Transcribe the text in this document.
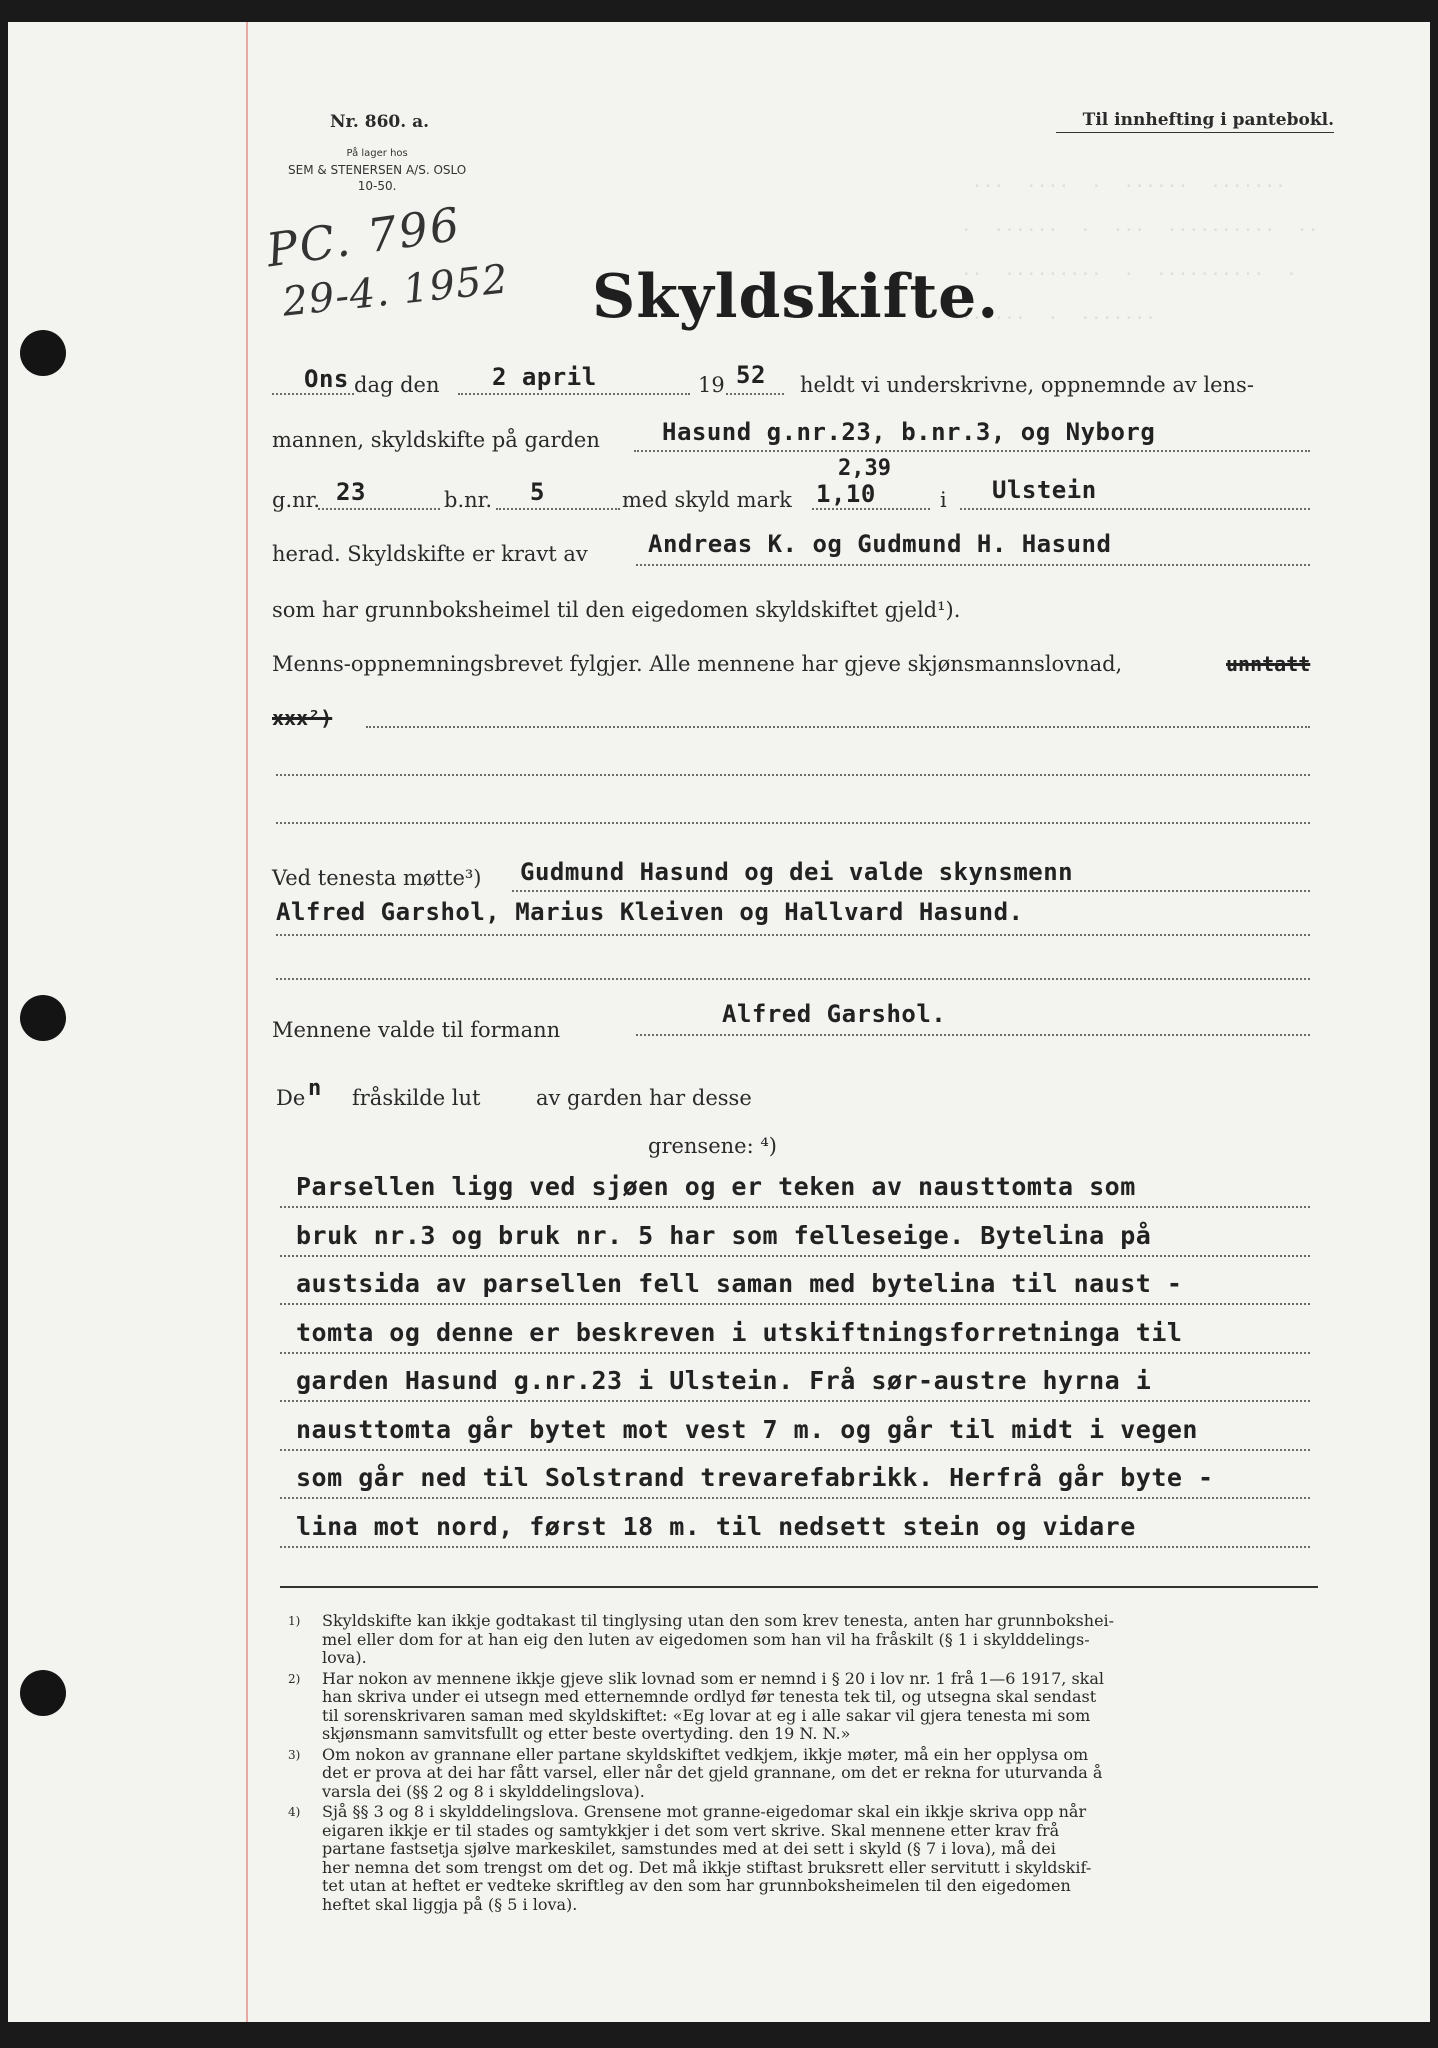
...  ....  .  ......  .......
.  ......  .  ...  ..........  ..
..  .........  .  ..........  .
......  .  .......
Nr. 860. a.
På lager hos
SEM & STENERSEN A/S. OSLO
10-50.
Til innhefting i pantebokl.
PC. 796
29-4. 1952 Skyldskifte.
Ons dag den 2 april	19 52 heldt vi underskrivne, oppnemnde av lens-
mannen, skyldskifte på garden	Hasund g.nr.23, b.nr.3, og Nyborg
2,39
g.nr. 23	b.nr. 5	med skyld mark 1,10	i Ulstein
herad. Skyldskifte er kravt av	Andreas K. og Gudmund H. Hasund
som har grunnbokshеimel til den eigedomen skyldskiftet gjeld¹).
Menns-oppnemningsbrevet fylgjer. Alle mennene har gjeve skjønsmannslovnad,	unntatt
xxx²)
Ved tenesta møtte³) Gudmund Hasund og dei valde skynsmenn
Alfred Garshol, Marius Kleiven og Hallvard Hasund.
Mennene valde til formann
Alfred Garshol.
De n fråskilde lut	av garden har desse
grensene: ⁴)
Parsellen ligg ved sjøen og er teken av nausttomta som
bruk nr.3 og bruk nr. 5 har som felleseige. Bytelina på
austsida av parsellen fell saman med bytelina til naust -
tomta og denne er beskreven i utskiftningsforretninga til
garden Hasund g.nr.23 i Ulstein. Frå sør-austre hyrna i
nausttomta går bytet mot vest 7 m. og går til midt i vegen
som går ned til Solstrand trevarefabrikk. Herfrå går byte -
lina mot nord, først 18 m. til nedsett stein og vidare
1) Skyldskifte kan ikkje godtakast til tinglysing utan den som krev tenesta, anten har grunnbokshei-
mel eller dom for at han eig den luten av eigedomen som han vil ha fråskilt (§ 1 i skylddelings-
lova).
2) Har nokon av mennene ikkje gjeve slik lovnad som er nemnd i § 20 i lov nr. 1 frå 1—6 1917, skal
han skriva under ei utsegn med etternemnde ordlyd før tenesta tek til, og utsegna skal sendast
til sorenskrivaren saman med skyldskiftet: «Eg lovar at eg i alle sakar vil gjera tenesta mi som
skjønsmann samvitsfullt og etter beste overtyding. den 19 N. N.»
3) Om nokon av grannane eller partane skyldskiftet vedkjem, ikkje møter, må ein her opplysa om
det er prova at dei har fått varsel, eller når det gjeld grannane, om det er rekna for uturvanda å
varsla dei (§§ 2 og 8 i skylddelingslova).
4) Sjå §§ 3 og 8 i skylddelingslova. Grensene mot granne-eigedomar skal ein ikkje skriva opp når
eigaren ikkje er til stades og samtykkjer i det som vert skrive. Skal mennene etter krav frå
partane fastsetja sjølve markeskilet, samstundes med at dei sett i skyld (§ 7 i lova), må dei
her nemna det som trengst om det og. Det må ikkje stiftast bruksrett eller servitutt i skyldskif-
tet utan at heftet er vedteke skriftleg av den som har grunnboksheimelen til den eigedomen
heftet skal liggja på (§ 5 i lova).
